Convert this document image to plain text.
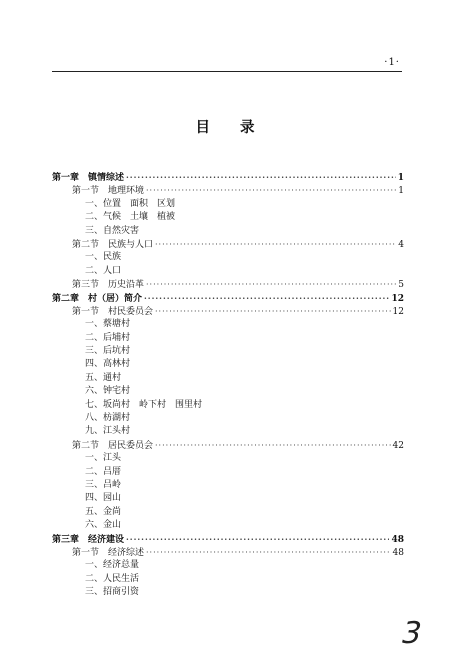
·1·
目录
第一章 镇情综述 ·····	1
第一节 地理环境 ·····	1
一、位置　面积　区划
二、气候　土壤　植被
三、自然灾害
第二节 民族与人口 ·····	4
一、民族
二、人口
第三节 历史沿革 ·····	5
第二章 村（居）简介 ·····	12
第一节 村民委员会 ·····	12
一、蔡塘村
二、后埔村
三、后坑村
四、高林村
五、通村
六、钟宅村
七、坂尚村　岭下村　围里村
八、枋湖村
九、江头村
第二节 居民委员会 ·····	42
一、江头
二、吕厝
三、吕岭
四、园山
五、金尚
六、金山
第三章 经济建设 ·····	48
第一节 经济综述 ·····	48
一、经济总量
二、人民生活
三、招商引资
3
